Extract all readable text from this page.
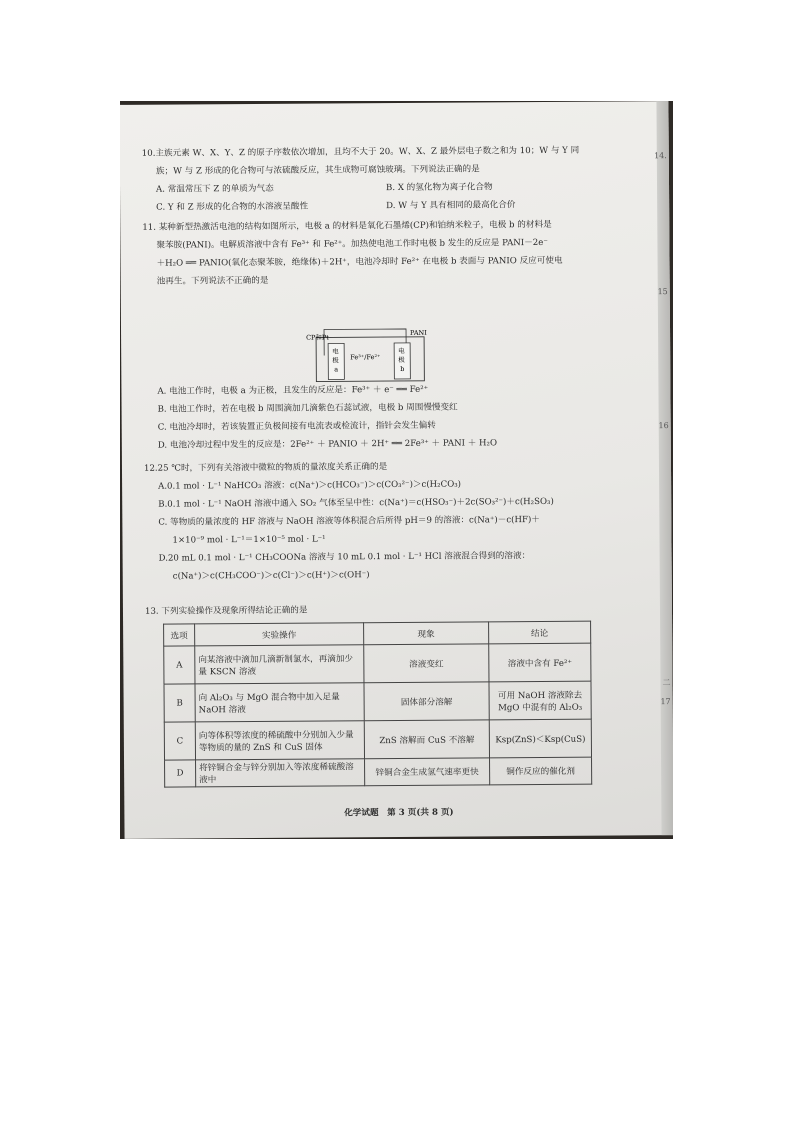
14.
15
16
二
17

10.主族元素 W、X、Y、Z 的原子序数依次增加，且均不大于 20。W、X、Z 最外层电子数之和为 10；W 与 Y 同

族；W 与 Z 形成的化合物可与浓硫酸反应，其生成物可腐蚀玻璃。下列说法正确的是

A. 常温常压下 Z 的单质为气态	B. X 的氢化物为离子化合物

C. Y 和 Z 形成的化合物的水溶液呈酸性	D. W 与 Y 具有相同的最高化合价

11. 某种新型热激活电池的结构如图所示，电极 a 的材料是氧化石墨烯(CP)和铂纳米粒子，电极 b 的材料是

聚苯胺(PANI)。电解质溶液中含有 Fe³⁺ 和 Fe²⁺。加热使电池工作时电极 b 发生的反应是 PANI－2e⁻

＋H₂O ══ PANIO(氧化态聚苯胺，绝缘体)＋2H⁺，电池冷却时 Fe²⁺ 在电极 b 表面与 PANIO 反应可使电

池再生。下列说法不正确的是

CP和Pt
PANI
电
极
a
电
极
b
Fe³⁺/Fe²⁺

A. 电池工作时，电极 a 为正极，且发生的反应是：Fe³⁺ ＋ e⁻ ══ Fe²⁺

B. 电池工作时，若在电极 b 周围滴加几滴紫色石蕊试液，电极 b 周围慢慢变红

C. 电池冷却时，若该装置正负极间接有电流表或检流计，指针会发生偏转

D. 电池冷却过程中发生的反应是：2Fe²⁺ ＋ PANIO ＋ 2H⁺ ══ 2Fe³⁺ ＋ PANI ＋ H₂O

12.25 ℃时，下列有关溶液中微粒的物质的量浓度关系正确的是

A.0.1 mol · L⁻¹ NaHCO₃ 溶液：c(Na⁺)＞c(HCO₃⁻)＞c(CO₃²⁻)＞c(H₂CO₃)

B.0.1 mol · L⁻¹ NaOH 溶液中通入 SO₂ 气体至呈中性：c(Na⁺)＝c(HSO₃⁻)＋2c(SO₃²⁻)＋c(H₂SO₃)

C. 等物质的量浓度的 HF 溶液与 NaOH 溶液等体积混合后所得 pH＝9 的溶液：c(Na⁺)－c(HF)＋

1×10⁻⁹ mol · L⁻¹＝1×10⁻⁵ mol · L⁻¹

D.20 mL 0.1 mol · L⁻¹ CH₃COONa 溶液与 10 mL 0.1 mol · L⁻¹ HCl 溶液混合得到的溶液：

c(Na⁺)＞c(CH₃COO⁻)＞c(Cl⁻)＞c(H⁺)＞c(OH⁻)

13. 下列实验操作及现象所得结论正确的是

选项	实验操作	现象	结论
A	向某溶液中滴加几滴新制氯水，再滴加少量 KSCN 溶液	溶液变红	溶液中含有 Fe²⁺
B	向 Al₂O₃ 与 MgO 混合物中加入足量 NaOH 溶液	固体部分溶解	可用 NaOH 溶液除去 MgO 中混有的 Al₂O₃
C	向等体积等浓度的稀硫酸中分别加入少量等物质的量的 ZnS 和 CuS 固体	ZnS 溶解而 CuS 不溶解	Ksp(ZnS)＜Ksp(CuS)
D	将锌铜合金与锌分别加入等浓度稀硫酸溶液中	锌铜合金生成氢气速率更快	铜作反应的催化剂
化学试题　第 3 页(共 8 页)
